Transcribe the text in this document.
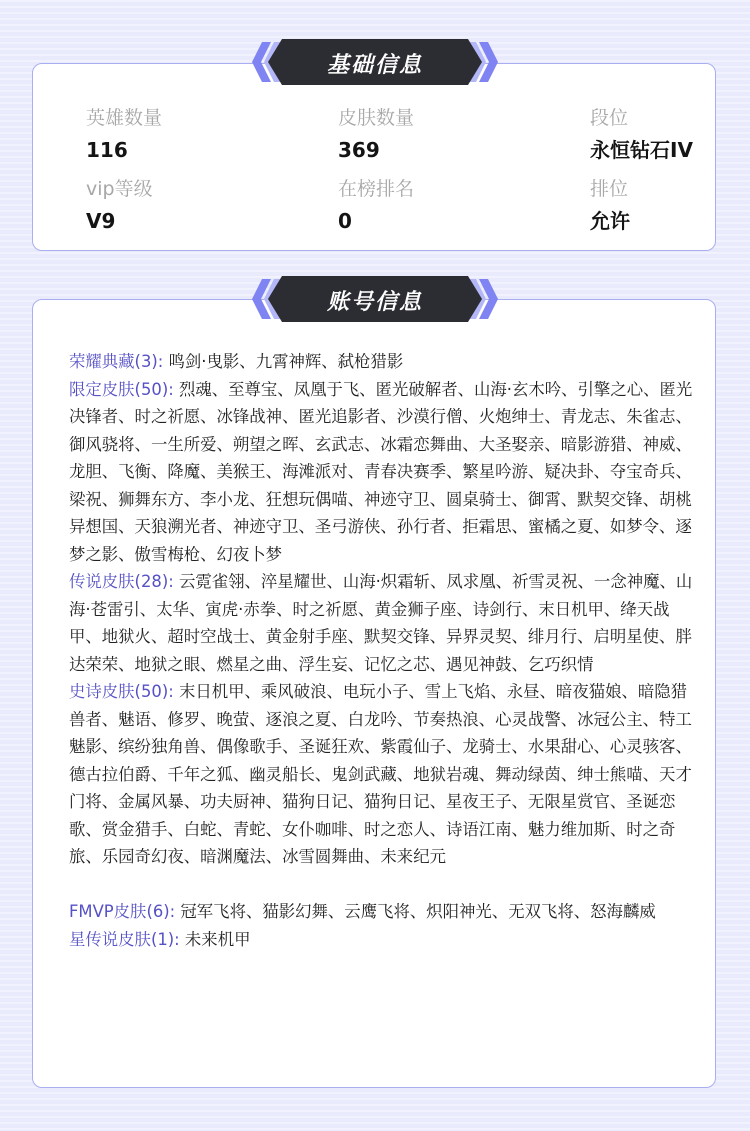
英雄数量
116
皮肤数量
369
段位
永恒钻石IV
vip等级
V9
在榜排名
0
排位
允许
基础信息
荣耀典藏(3): 鸣剑·曳影、九霄神辉、弑枪猎影
限定皮肤(50): 烈魂、至尊宝、凤凰于飞、匿光破解者、山海·玄木吟、引擎之心、匿光决锋者、时之祈愿、冰锋战神、匿光追影者、沙漠行僧、火炮绅士、青龙志、朱雀志、御风骁将、一生所爱、朔望之晖、玄武志、冰霜恋舞曲、大圣娶亲、暗影游猎、神威、龙胆、飞衡、降魔、美猴王、海滩派对、青春决赛季、繁星吟游、疑决卦、夺宝奇兵、梁祝、狮舞东方、李小龙、狂想玩偶喵、神迹守卫、圆桌骑士、御霄、默契交锋、胡桃异想国、天狼溯光者、神迹守卫、圣弓游侠、孙行者、拒霜思、蜜橘之夏、如梦令、逐梦之影、傲雪梅枪、幻夜卜梦
传说皮肤(28): 云霓雀翎、淬星耀世、山海·炽霜斩、凤求凰、祈雪灵祝、一念神魔、山海·苍雷引、太华、寅虎·赤拳、时之祈愿、黄金狮子座、诗剑行、末日机甲、绛天战甲、地狱火、超时空战士、黄金射手座、默契交锋、异界灵契、绯月行、启明星使、胖达荣荣、地狱之眼、燃星之曲、浮生妄、记忆之芯、遇见神鼓、乞巧织情
史诗皮肤(50): 末日机甲、乘风破浪、电玩小子、雪上飞焰、永昼、暗夜猫娘、暗隐猎兽者、魅语、修罗、晚萤、逐浪之夏、白龙吟、节奏热浪、心灵战警、冰冠公主、特工魅影、缤纷独角兽、偶像歌手、圣诞狂欢、紫霞仙子、龙骑士、水果甜心、心灵骇客、德古拉伯爵、千年之狐、幽灵船长、鬼剑武藏、地狱岩魂、舞动绿茵、绅士熊喵、天才门将、金属风暴、功夫厨神、猫狗日记、猫狗日记、星夜王子、无限星赏官、圣诞恋歌、赏金猎手、白蛇、青蛇、女仆咖啡、时之恋人、诗语江南、魅力维加斯、时之奇旅、乐园奇幻夜、暗渊魔法、冰雪圆舞曲、未来纪元
FMVP皮肤(6): 冠军飞将、猫影幻舞、云鹰飞将、炽阳神光、无双飞将、怒海麟威
星传说皮肤(1): 未来机甲
账号信息
